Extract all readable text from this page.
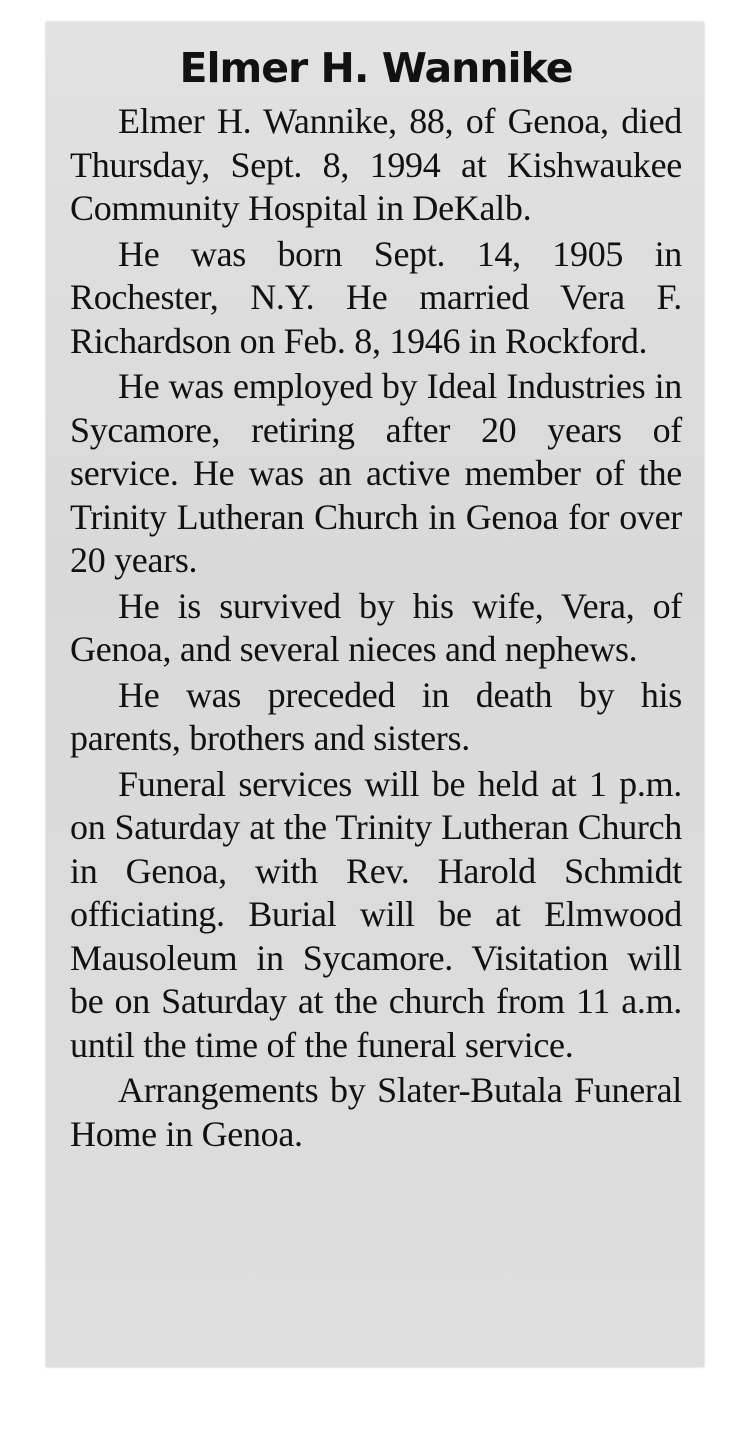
Elmer H. Wannike

Elmer H. Wannike, 88, of Genoa, died Thursday, Sept. 8, 1994 at Kishwaukee Community Hospital in DeKalb.

He was born Sept. 14, 1905 in Rochester, N.Y. He married Vera F. Richardson on Feb. 8, 1946 in Rockford.

He was employed by Ideal Industries in Sycamore, retiring after 20 years of service. He was an active member of the Trinity Lutheran Church in Genoa for over 20 years.

He is survived by his wife, Vera, of Genoa, and several nieces and nephews.

He was preceded in death by his parents, brothers and sisters.

Funeral services will be held at 1 p.m. on Saturday at the Trinity Lutheran Church in Genoa, with Rev. Harold Schmidt officiating. Burial will be at Elmwood Mausoleum in Sycamore. Visitation will be on Saturday at the church from 11 a.m. until the time of the funeral service.

Arrangements by Slater-Butala Funeral Home in Genoa.
